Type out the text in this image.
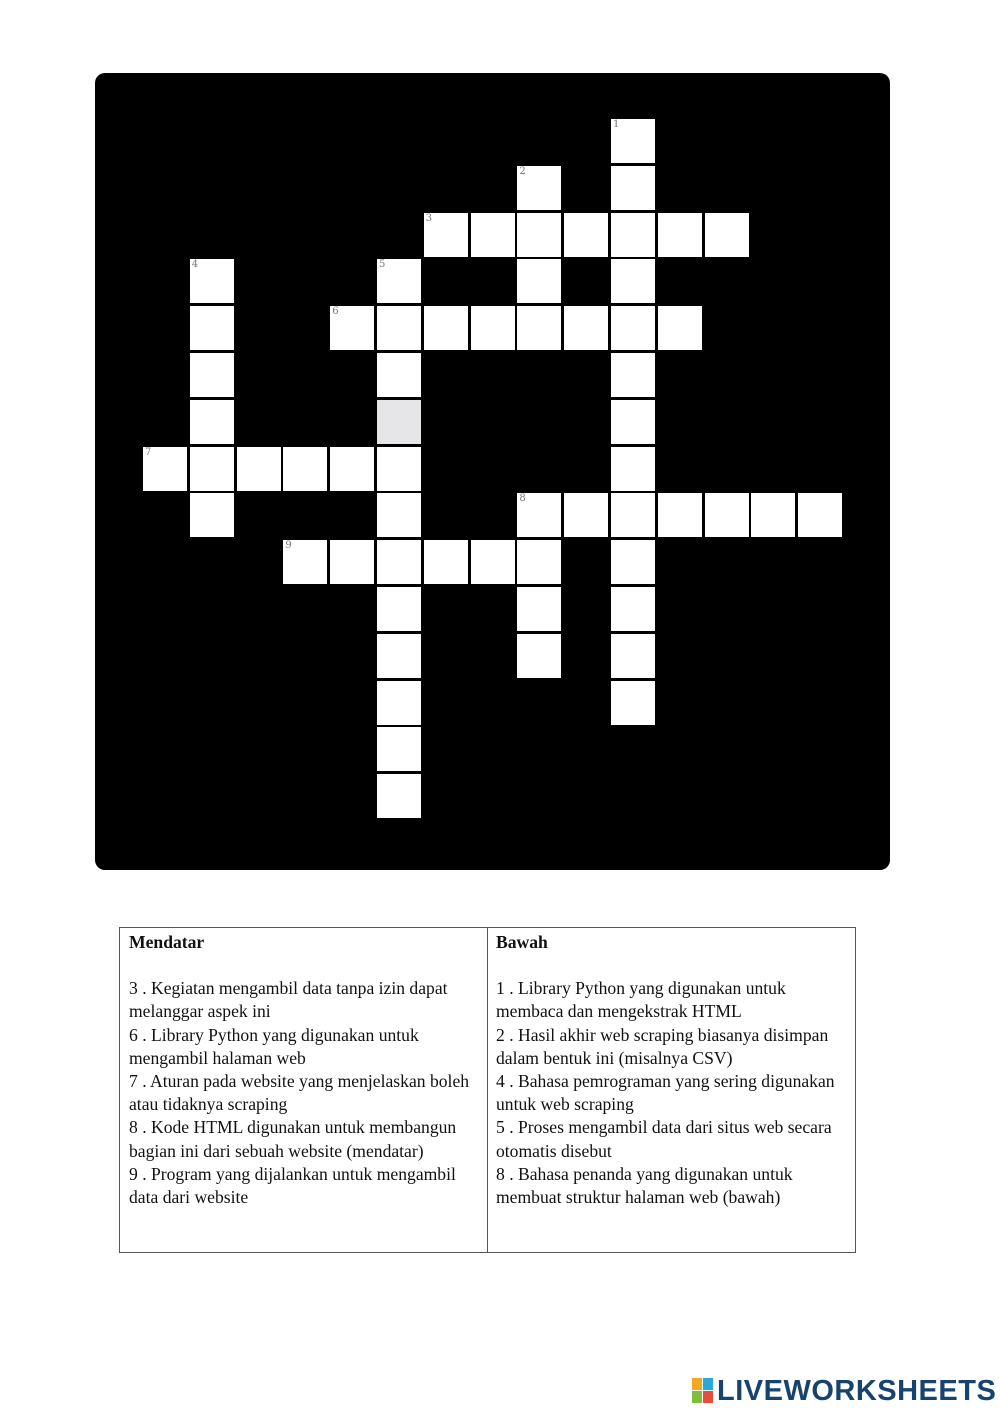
3
6
7
8
9
1
2
4	5
Mendatar

3 . Kegiatan mengambil data tanpa izin dapat melanggar aspek ini

6 . Library Python yang digunakan untuk mengambil halaman web

7 . Aturan pada website yang menjelaskan boleh atau tidaknya scraping

8 . Kode HTML digunakan untuk membangun bagian ini dari sebuah website (mendatar)

9 . Program yang dijalankan untuk mengambil data dari website

Bawah

1 . Library Python yang digunakan untuk membaca dan mengekstrak HTML

2 . Hasil akhir web scraping biasanya disimpan dalam bentuk ini (misalnya CSV)

4 . Bahasa pemrograman yang sering digunakan untuk web scraping

5 . Proses mengambil data dari situs web secara otomatis disebut

8 . Bahasa penanda yang digunakan untuk membuat struktur halaman web (bawah)

LIVEWORKSHEETS
